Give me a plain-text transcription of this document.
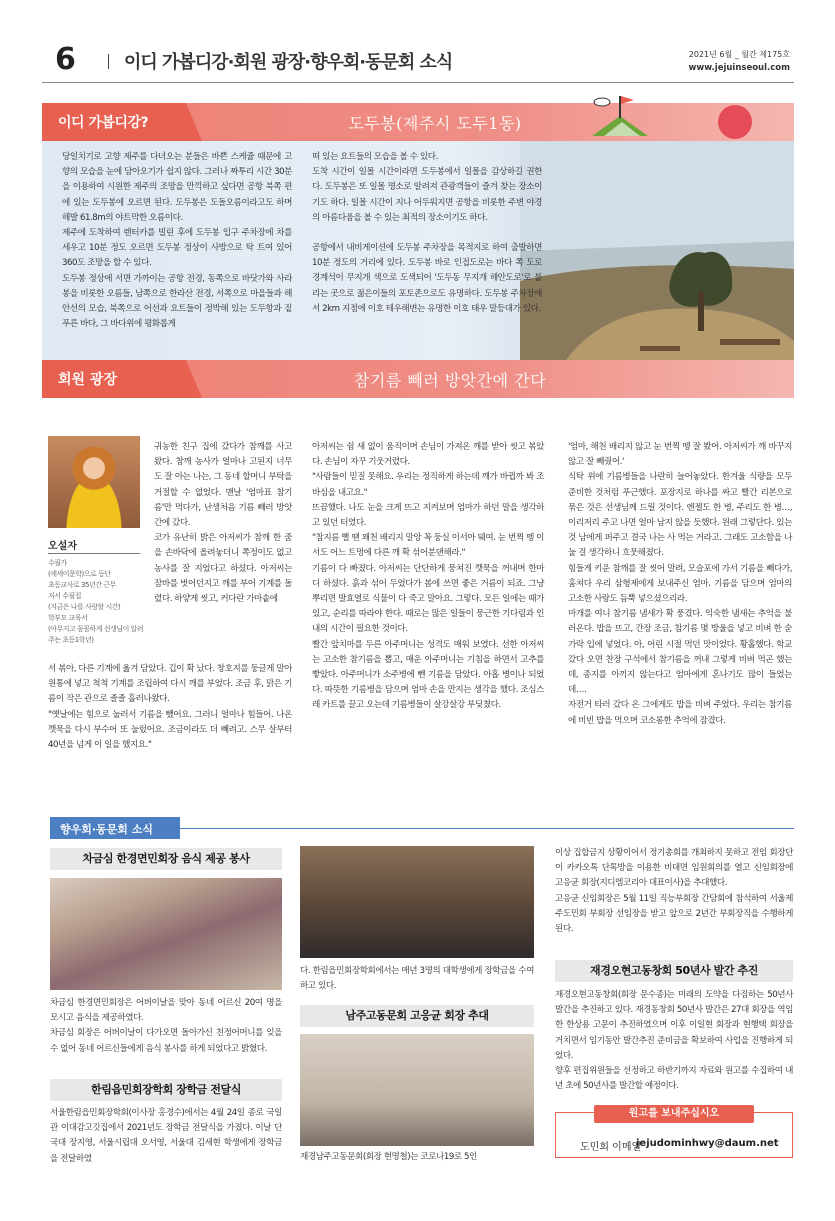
6	이디 가봅디강·회원 광장·향우회·동문회 소식	2021년 6월 _ 월간 제175호
www.jejuinseoul.com
이디 가봅디강?	도두봉(제주시 도두1동)

당일치기로 고향 제주를 다녀오는 분들은 바쁜 스케쥴 때문에 고향의 모습을 눈에 담아오기가 쉽지 않다. 그러나 짜투리 시간 30분을 이용하여 시원한 제주의 조망을 만끽하고 싶다면 공항 북쪽 편에 있는 도두봉에 오르면 된다. 도두봉은 도돌오름이라고도 하며 해발 61.8m의 야트막한 오름이다.

제주에 도착하여 렌터카를 빌린 후에 도두봉 입구 주차장에 차를 세우고 10분 정도 오르면 도두봉 정상이 사방으로 탁 트여 있어 360도 조망을 할 수 있다.

도두봉 정상에 서면 가까이는 공항 전경, 동쪽으로 바닷가와 사라봉을 비롯한 오름들, 남쪽으로 한라산 전경, 서쪽으로 마을들과 해안선의 모습, 북쪽으로 어선과 요트들이 정박해 있는 도두항과 짙푸른 바다, 그 바다위에 평화롭게

떠 있는 요트들의 모습을 볼 수 있다.

도착 시간이 일몰 시간이라면 도두봉에서 일몰을 감상하길 권한다. 도두봉은 또 일몰 명소로 알려져 관광객들이 즐겨 찾는 장소이기도 하다. 일몰 시간이 지나 어두워지면 공항을 비롯한 주변 야경의 아름다움을 볼 수 있는 최적의 장소이기도 하다.

공항에서 내비게이션에 도두봉 주차장을 목적지로 하여 출발하면 10분 정도의 거리에 있다. 도두봉 바로 인접도로는 바다 쪽 도로 경계석이 무지개 색으로 도색되어 '도두동 무지개 해안도로'로 불리는 곳으로 젊은이들의 포토존으로도 유명하다. 도두봉 주차장에서 2km 지점에 이호 테우해변는 유명한 이호 태우 말등대가 있다.

회원 광장	참기름 빼러 방앗간에 간다
오설자
수필가
(에세이문학)으로 등단
초등교사로 35년간 근무
저서 수필집
(지금은 나를 사랑할 시간)
학부모 교육서
(아무지고 꼼꼼하게 선생님이 알려주는 초등1학년)

귀농한 친구 집에 갔다가 참깨를 사고 왔다. 참깨 농사가 얼마나 고된지 너무도 잘 아는 나는, 그 동네 할머니 부탁을 거절할 수 없었다. 맨날 '엄마표 참기름'만 먹다가, 난생처음 기름 빼러 방앗간에 갔다.

코가 유난히 밝은 아저씨가 참깨 한 줌을 손바닥에 올려놓더니 쪽정이도 없고 농사를 잘 지었다고 하셨다. 아저씨는 잠바를 벗어던지고 깨를 부어 기계를 돌렸다. 하얗게 씻고, 커다란 가마솥에

서 볶아, 다른 기계에 옮겨 담았다. 깁이 확 났다. 창호지를 둥글게 말아 원통에 넣고 척척 기계를 조립하여 다시 깨를 부었다. 조금 후, 맑은 기름이 작은 관으로 졸졸 흘러나왔다.

"옛날에는 힘으로 눌러서 기름을 뺐어요. 그러니 얼마나 힘들어. 나온 깻묵을 다시 부수어 또 눌렀어요. 조금이라도 더 빼려고. 스무 살부터 40년을 넘게 이 일을 했지요."

아저씨는 쉼 새 없이 움직이며 손님이 가져온 깨를 받아 씻고 볶았다. 손님이 자꾸 기웃거렸다.

"사람들이 믿질 못해요. 우리는 정직하게 하는데 깨가 바뀝까 봐 조바심을 내고요."

뜨끔했다. 나도 눈을 크게 뜨고 지켜보며 엄마가 하던 말을 생각하고 있던 터였다.

"참지름 뻘 땐 꽤천 배리지 말앙 꼭 둥실 이서아 뒈여. 눈 번찍 뗑 이서도 어느 트멍에 다른 깨 확 섞어분댄해라."

기름이 다 빠졌다. 아저씨는 단단하게 뭉쳐진 깻묵을 꺼내며 한마디 하셨다. 흙과 섞어 두었다가 봄에 쓰면 좋은 거름이 되죠. 그냥 뿌리면 발효열로 식물이 다 죽고 말아요. 그렇다. 모든 일에는 때가 있고, 순리를 따라야 한다. 때로는 많은 일들이 뭉근한 기다림과 인내의 시간이 필요한 것이다.

빨간 앞치마를 두른 아주머니는 성격도 매워 보였다. 선한 아저씨는 고소한 참기름을 뽑고, 매운 아주머니는 기침을 하면서 고추를 빻았다. 아주머니가 소주병에 뺀 기름을 담았다. 아홉 병이나 되었다. 따뜻한 기름병을 담으며 엄마 손을 만지는 생각을 했다. 조심스레 카트를 끌고 오는데 기름병들이 살강살강 부딪쳤다.

'엄마, 해천 배리지 않고 눈 번찍 뗑 잘 봤어. 아저씨가 깨 바꾸지 않고 잘 빼줬어.'

식탁 위에 기름병들을 나란히 늘어놓았다. 한겨울 식량을 모두 준비한 것처럼 푸근했다. 포장지로 하나를 싸고 빨간 리본으로 묶은 것은 선생님께 드릴 것이다. 엔젤도 한 병, 주리도 한 병…, 이리저리 주고 나면 얼마 남지 않을 듯했다. 원래 그렇단다. 있는 것 남에게 퍼주고 결국 나는 사 먹는 거라고. 그래도 고소함을 나눌 걸 생각하니 흐뭇해졌다.

힘들게 키운 참깨를 잘 씻어 말려, 모슬포에 가서 기름을 빼다가, 훔쳐다 우리 삼형제에게 보내주신 엄마. 기름을 담으며 엄마의 고소한 사랑도 듬뿍 넣으셨으리라.

마개를 여니 참기름 냄새가 확 풍겼다. 익숙한 냄새는 추억을 불러온다. 밥을 뜨고, 간장 조금, 참기름 몇 방울을 넣고 비벼 한 숟가락 입에 넣었다. 아, 어린 시절 먹던 맛이었다. 황홀했다. 학교 갔다 오면 찬장 구석에서 참기름을 꺼내 그렇게 비벼 먹곤 했는데, 종지를 아끼지 않는다고 엄마에게 혼나기도 많이 들었는데….

자전거 타러 갔다 온 그에게도 밥을 비벼 주었다. 우리는 참기름에 비빈 밥을 먹으며 코소롱한 추억에 잠겼다.

향우회·동문회 소식
차금심 한경면민회장 음식 제공 봉사

차금심 한경면민회장은 어버이날을 맞아 동네 어르신 20여 명을 모시고 음식을 제공하였다.

차금심 회장은 어버이날이 다가오면 돌아가신 친정어머니를 잊을 수 없어 동네 어르신들에게 음식 봉사를 하게 되었다고 밝혔다.

한림읍민회장학회 장학금 전달식

서울한림읍민회장학회(이사장 홍경수)에서는 4월 24일 종로 국일관 이대감고깃집에서 2021년도 장학금 전달식을 가졌다. 이날 단국대 장지영, 서울시립대 오서영, 서울대 김세현 학생에게 장학금을 전달하였

다. 한림읍민회장학회에서는 매년 3명의 대학생에게 장학금을 수여하고 있다.

남주고동문회 고응균 회장 추대

재경남주고동문회(회장 현명철)는 코로나19로 5인

이상 집합금지 상황이어서 정기총회를 개최하지 못하고 전임 회장단이 카카오톡 단톡방을 이용한 비대면 임원회의를 열고 신임회장에 고응균 회장(지디엠코리아 대표이사)을 추대했다.

고응균 신임회장은 5월 11일 직능부회장 간담회에 참석하여 서울제주도민회 부회장 선임장을 받고 앞으로 2년간 부회장직을 수행하게 된다.

재경오현고동창회 50년사 발간 추진

재경오현고동창회(회장 문수종)는 미래의 도약을 다짐하는 50년사 발간을 추진하고 있다. 재경동창회 50년사 발간은 27대 회장을 역임한 한상용 고문이 추진하였으며 이후 이일현 회장과 현행택 회장을 거치면서 임기동안 발간추진 준비금을 확보하여 사업을 진행하게 되었다.

향후 편집위원들을 선정하고 하반기까지 자료와 원고를 수집하여 내년 초에 50년사를 발간할 예정이다.

원고를 보내주십시오
도민회 이메일
jejudominhwy@daum.net
